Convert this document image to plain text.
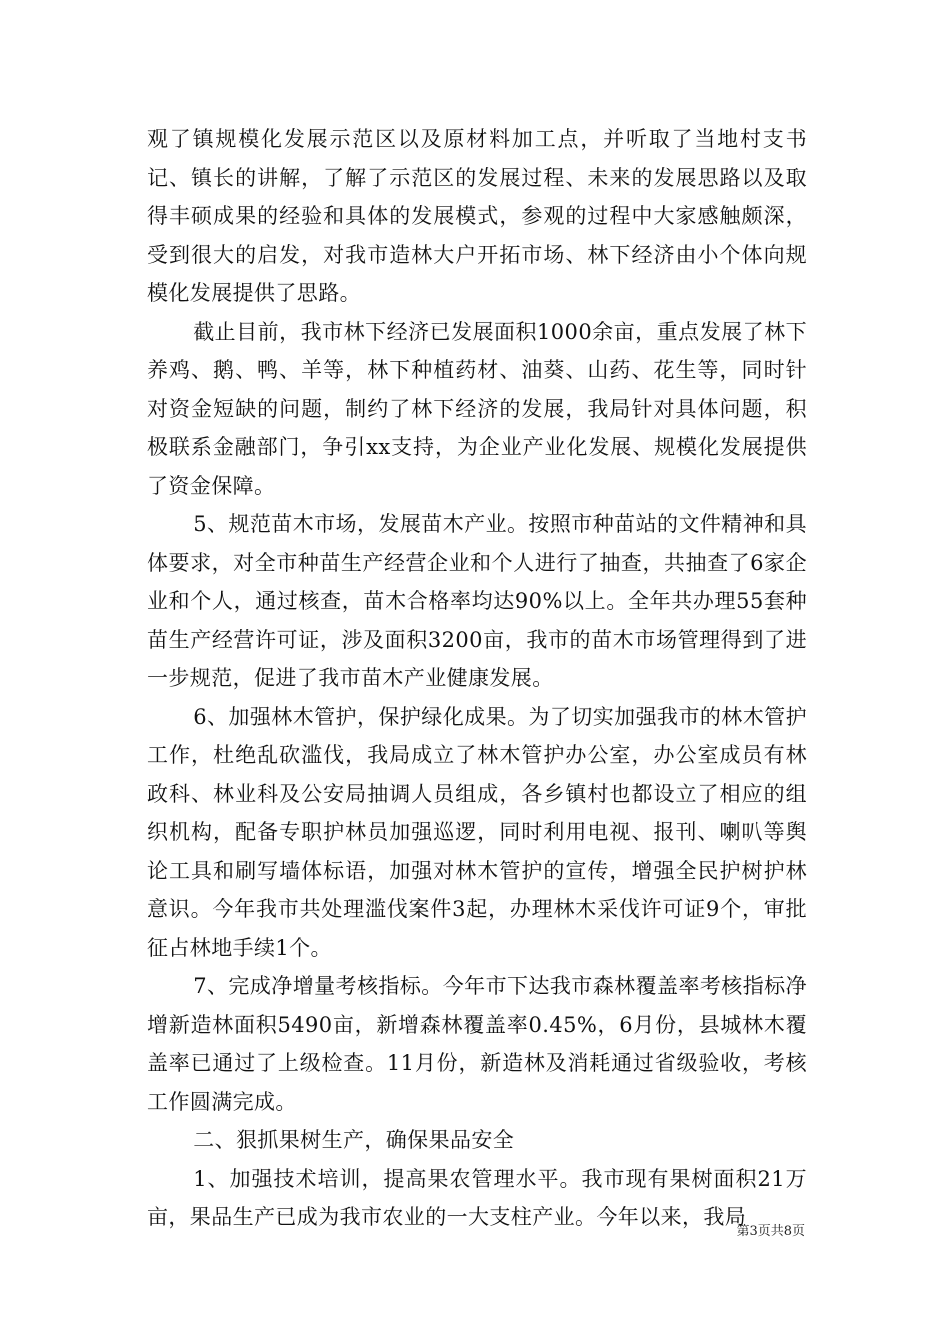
观了镇规模化发展示范区以及原材料加工点，并听取了当地村支书记、镇长的讲解，了解了示范区的发展过程、未来的发展思路以及取得丰硕成果的经验和具体的发展模式，参观的过程中大家感触颇深，受到很大的启发，对我市造林大户开拓市场、林下经济由小个体向规模化发展提供了思路。

截止目前，我市林下经济已发展面积1000余亩，重点发展了林下养鸡、鹅、鸭、羊等，林下种植药材、油葵、山药、花生等，同时针对资金短缺的问题，制约了林下经济的发展，我局针对具体问题，积极联系金融部门，争引xx支持，为企业产业化发展、规模化发展提供了资金保障。

5、规范苗木市场，发展苗木产业。按照市种苗站的文件精神和具体要求，对全市种苗生产经营企业和个人进行了抽查，共抽查了6家企业和个人，通过核查，苗木合格率均达90%以上。全年共办理55套种苗生产经营许可证，涉及面积3200亩，我市的苗木市场管理得到了进一步规范，促进了我市苗木产业健康发展。

6、加强林木管护，保护绿化成果。为了切实加强我市的林木管护工作，杜绝乱砍滥伐，我局成立了林木管护办公室，办公室成员有林政科、林业科及公安局抽调人员组成，各乡镇村也都设立了相应的组织机构，配备专职护林员加强巡逻，同时利用电视、报刊、喇叭等舆论工具和刷写墙体标语，加强对林木管护的宣传，增强全民护树护林意识。今年我市共处理滥伐案件3起，办理林木采伐许可证9个，审批征占林地手续1个。

7、完成净增量考核指标。今年市下达我市森林覆盖率考核指标净增新造林面积5490亩，新增森林覆盖率0.45%，6月份，县城林木覆盖率已通过了上级检查。11月份，新造林及消耗通过省级验收，考核工作圆满完成。

二、狠抓果树生产，确保果品安全

1、加强技术培训，提高果农管理水平。我市现有果树面积21万亩，果品生产已成为我市农业的一大支柱产业。今年以来，我局

第3页共8页
